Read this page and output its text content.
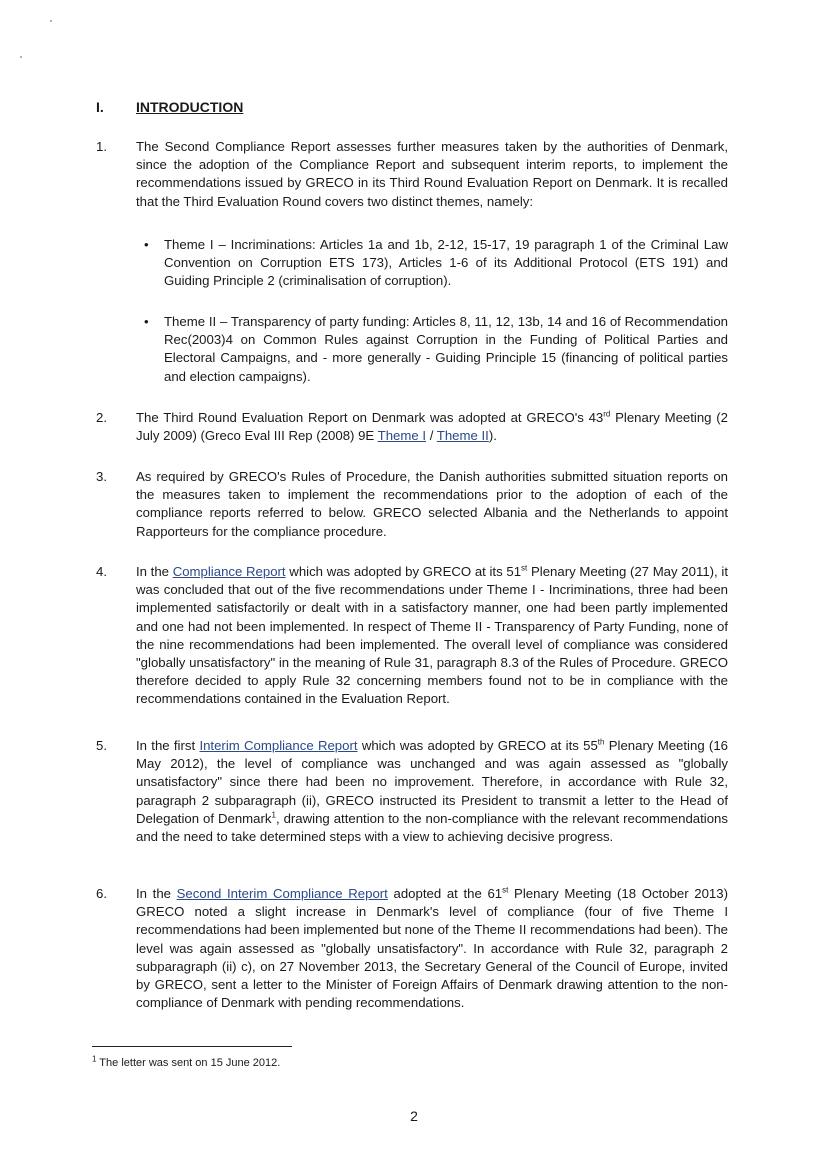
I.	INTRODUCTION
1.	The Second Compliance Report assesses further measures taken by the authorities of Denmark, since the adoption of the Compliance Report and subsequent interim reports, to implement the recommendations issued by GRECO in its Third Round Evaluation Report on Denmark. It is recalled that the Third Evaluation Round covers two distinct themes, namely:
•	Theme I – Incriminations: Articles 1a and 1b, 2-12, 15-17, 19 paragraph 1 of the Criminal Law Convention on Corruption ETS 173), Articles 1-6 of its Additional Protocol (ETS 191) and Guiding Principle 2 (criminalisation of corruption).
•	Theme II – Transparency of party funding: Articles 8, 11, 12, 13b, 14 and 16 of Recommendation Rec(2003)4 on Common Rules against Corruption in the Funding of Political Parties and Electoral Campaigns, and - more generally - Guiding Principle 15 (financing of political parties and election campaigns).
2.	The Third Round Evaluation Report on Denmark was adopted at GRECO's 43rd Plenary Meeting (2 July 2009) (Greco Eval III Rep (2008) 9E Theme I / Theme II).
3.	As required by GRECO's Rules of Procedure, the Danish authorities submitted situation reports on the measures taken to implement the recommendations prior to the adoption of each of the compliance reports referred to below. GRECO selected Albania and the Netherlands to appoint Rapporteurs for the compliance procedure.
4.	In the Compliance Report which was adopted by GRECO at its 51st Plenary Meeting (27 May 2011), it was concluded that out of the five recommendations under Theme I - Incriminations, three had been implemented satisfactorily or dealt with in a satisfactory manner, one had been partly implemented and one had not been implemented. In respect of Theme II - Transparency of Party Funding, none of the nine recommendations had been implemented. The overall level of compliance was considered "globally unsatisfactory" in the meaning of Rule 31, paragraph 8.3 of the Rules of Procedure. GRECO therefore decided to apply Rule 32 concerning members found not to be in compliance with the recommendations contained in the Evaluation Report.
5.	In the first Interim Compliance Report which was adopted by GRECO at its 55th Plenary Meeting (16 May 2012), the level of compliance was unchanged and was again assessed as "globally unsatisfactory" since there had been no improvement. Therefore, in accordance with Rule 32, paragraph 2 subparagraph (ii), GRECO instructed its President to transmit a letter to the Head of Delegation of Denmark$^1$, drawing attention to the non-compliance with the relevant recommendations and the need to take determined steps with a view to achieving decisive progress.
6.	In the Second Interim Compliance Report adopted at the 61st Plenary Meeting (18 October 2013) GRECO noted a slight increase in Denmark's level of compliance (four of five Theme I recommendations had been implemented but none of the Theme II recommendations had been). The level was again assessed as "globally unsatisfactory". In accordance with Rule 32, paragraph 2 subparagraph (ii) c), on 27 November 2013, the Secretary General of the Council of Europe, invited by GRECO, sent a letter to the Minister of Foreign Affairs of Denmark drawing attention to the non-compliance of Denmark with pending recommendations.
$^1$ The letter was sent on 15 June 2012.
2
